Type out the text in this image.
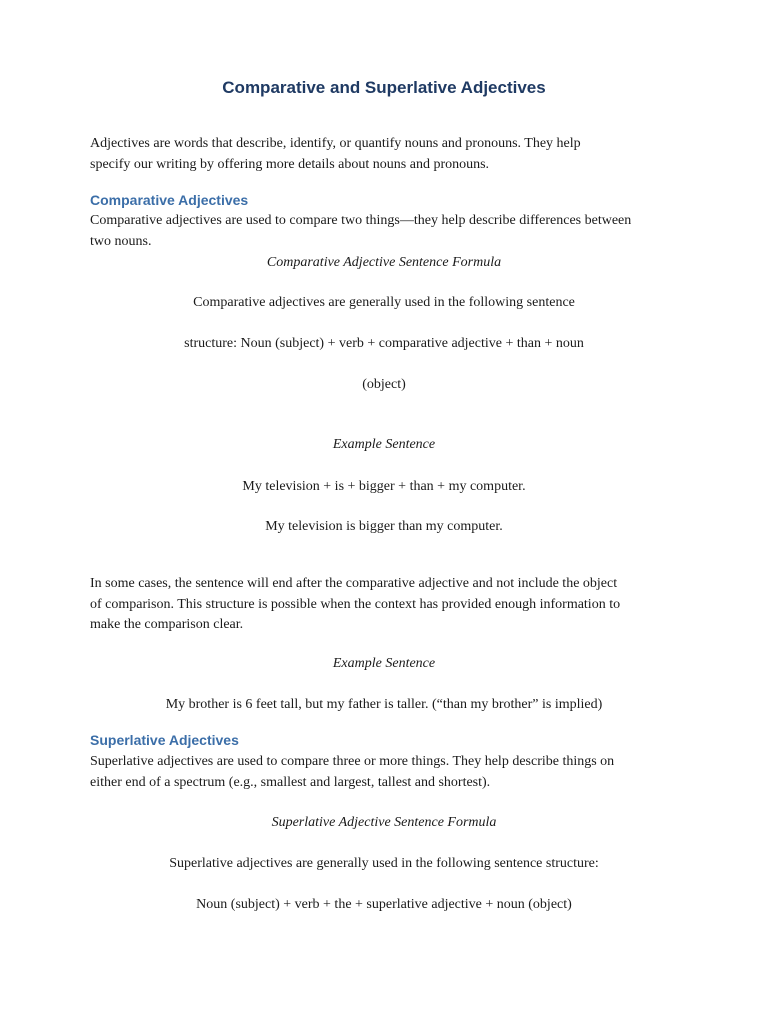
Comparative and Superlative Adjectives

Adjectives are words that describe, identify, or quantify nouns and pronouns. They help

specify our writing by offering more details about nouns and pronouns.

Comparative Adjectives

Comparative adjectives are used to compare two things—they help describe differences between

two nouns.

Comparative Adjective Sentence Formula

Comparative adjectives are generally used in the following sentence

structure: Noun (subject) + verb + comparative adjective + than + noun

(object)

Example Sentence

My television + is + bigger + than + my computer.

My television is bigger than my computer.

In some cases, the sentence will end after the comparative adjective and not include the object

of comparison. This structure is possible when the context has provided enough information to

make the comparison clear.

Example Sentence

My brother is 6 feet tall, but my father is taller. (“than my brother” is implied)

Superlative Adjectives

Superlative adjectives are used to compare three or more things. They help describe things on

either end of a spectrum (e.g., smallest and largest, tallest and shortest).

Superlative Adjective Sentence Formula

Superlative adjectives are generally used in the following sentence structure:

Noun (subject) + verb + the + superlative adjective + noun (object)
